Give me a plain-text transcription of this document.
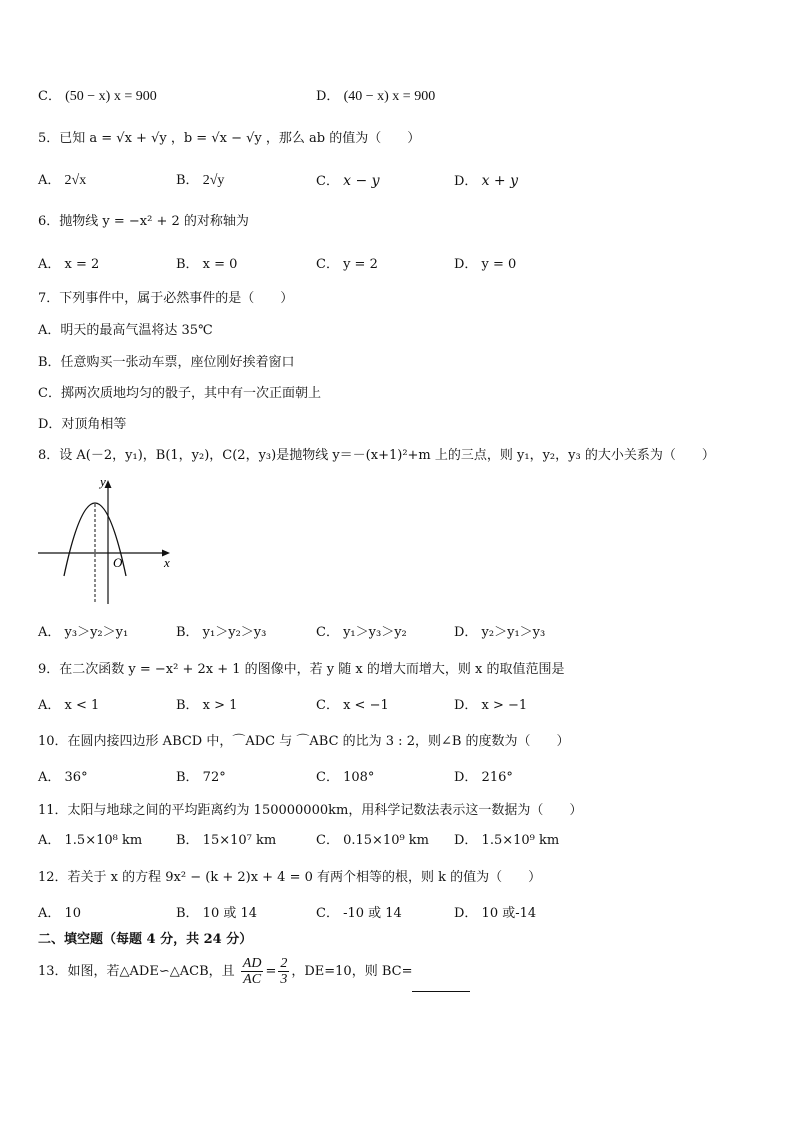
C． (50 − x) x = 900	D． (40 − x) x = 900
5．已知 a = √x + √y ，b = √x − √y ，那么 ab 的值为（　　）
A． 2√x	B． 2√y	C． x − y	D． x + y
6．抛物线 y = −x² + 2 的对称轴为
A． x = 2	B． x = 0	C． y = 2	D． y = 0
7．下列事件中，属于必然事件的是（　　）
A．明天的最高气温将达 35℃
B．任意购买一张动车票，座位刚好挨着窗口
C．掷两次质地均匀的骰子，其中有一次正面朝上
D．对顶角相等
8．设 A(－2，y₁)，B(1，y₂)，C(2，y₃)是抛物线 y＝－(x+1)²+m 上的三点，则 y₁，y₂，y₃ 的大小关系为（　　）
y
x
O
A． y₃＞y₂＞y₁	B． y₁＞y₂＞y₃	C． y₁＞y₃＞y₂	D． y₂＞y₁＞y₃
9．在二次函数 y = −x² + 2x + 1 的图像中，若 y 随 x 的增大而增大，则 x 的取值范围是
A． x < 1	B． x > 1	C． x < −1	D． x > −1
10．在圆内接四边形 ABCD 中，⌒ADC 与 ⌒ABC 的比为 3 : 2，则∠B 的度数为（　　）
A． 36°	B． 72°	C． 108°	D． 216°
11．太阳与地球之间的平均距离约为 150000000km，用科学记数法表示这一数据为（　　）
A． 1.5×10⁸ km	B． 15×10⁷ km	C． 0.15×10⁹ km D． 1.5×10⁹ km
12．若关于 x 的方程 9x² − (k + 2)x + 4 = 0 有两个相等的根，则 k 的值为（　　）
A． 10	B． 10 或 14	C． -10 或 14	D． 10 或-14
二、填空题（每题 4 分，共 24 分）
13．如图，若△ADE∽△ACB，且 $\frac{AD}{AC} = \frac{2}{3}$ ，DE=10，则 BC=
